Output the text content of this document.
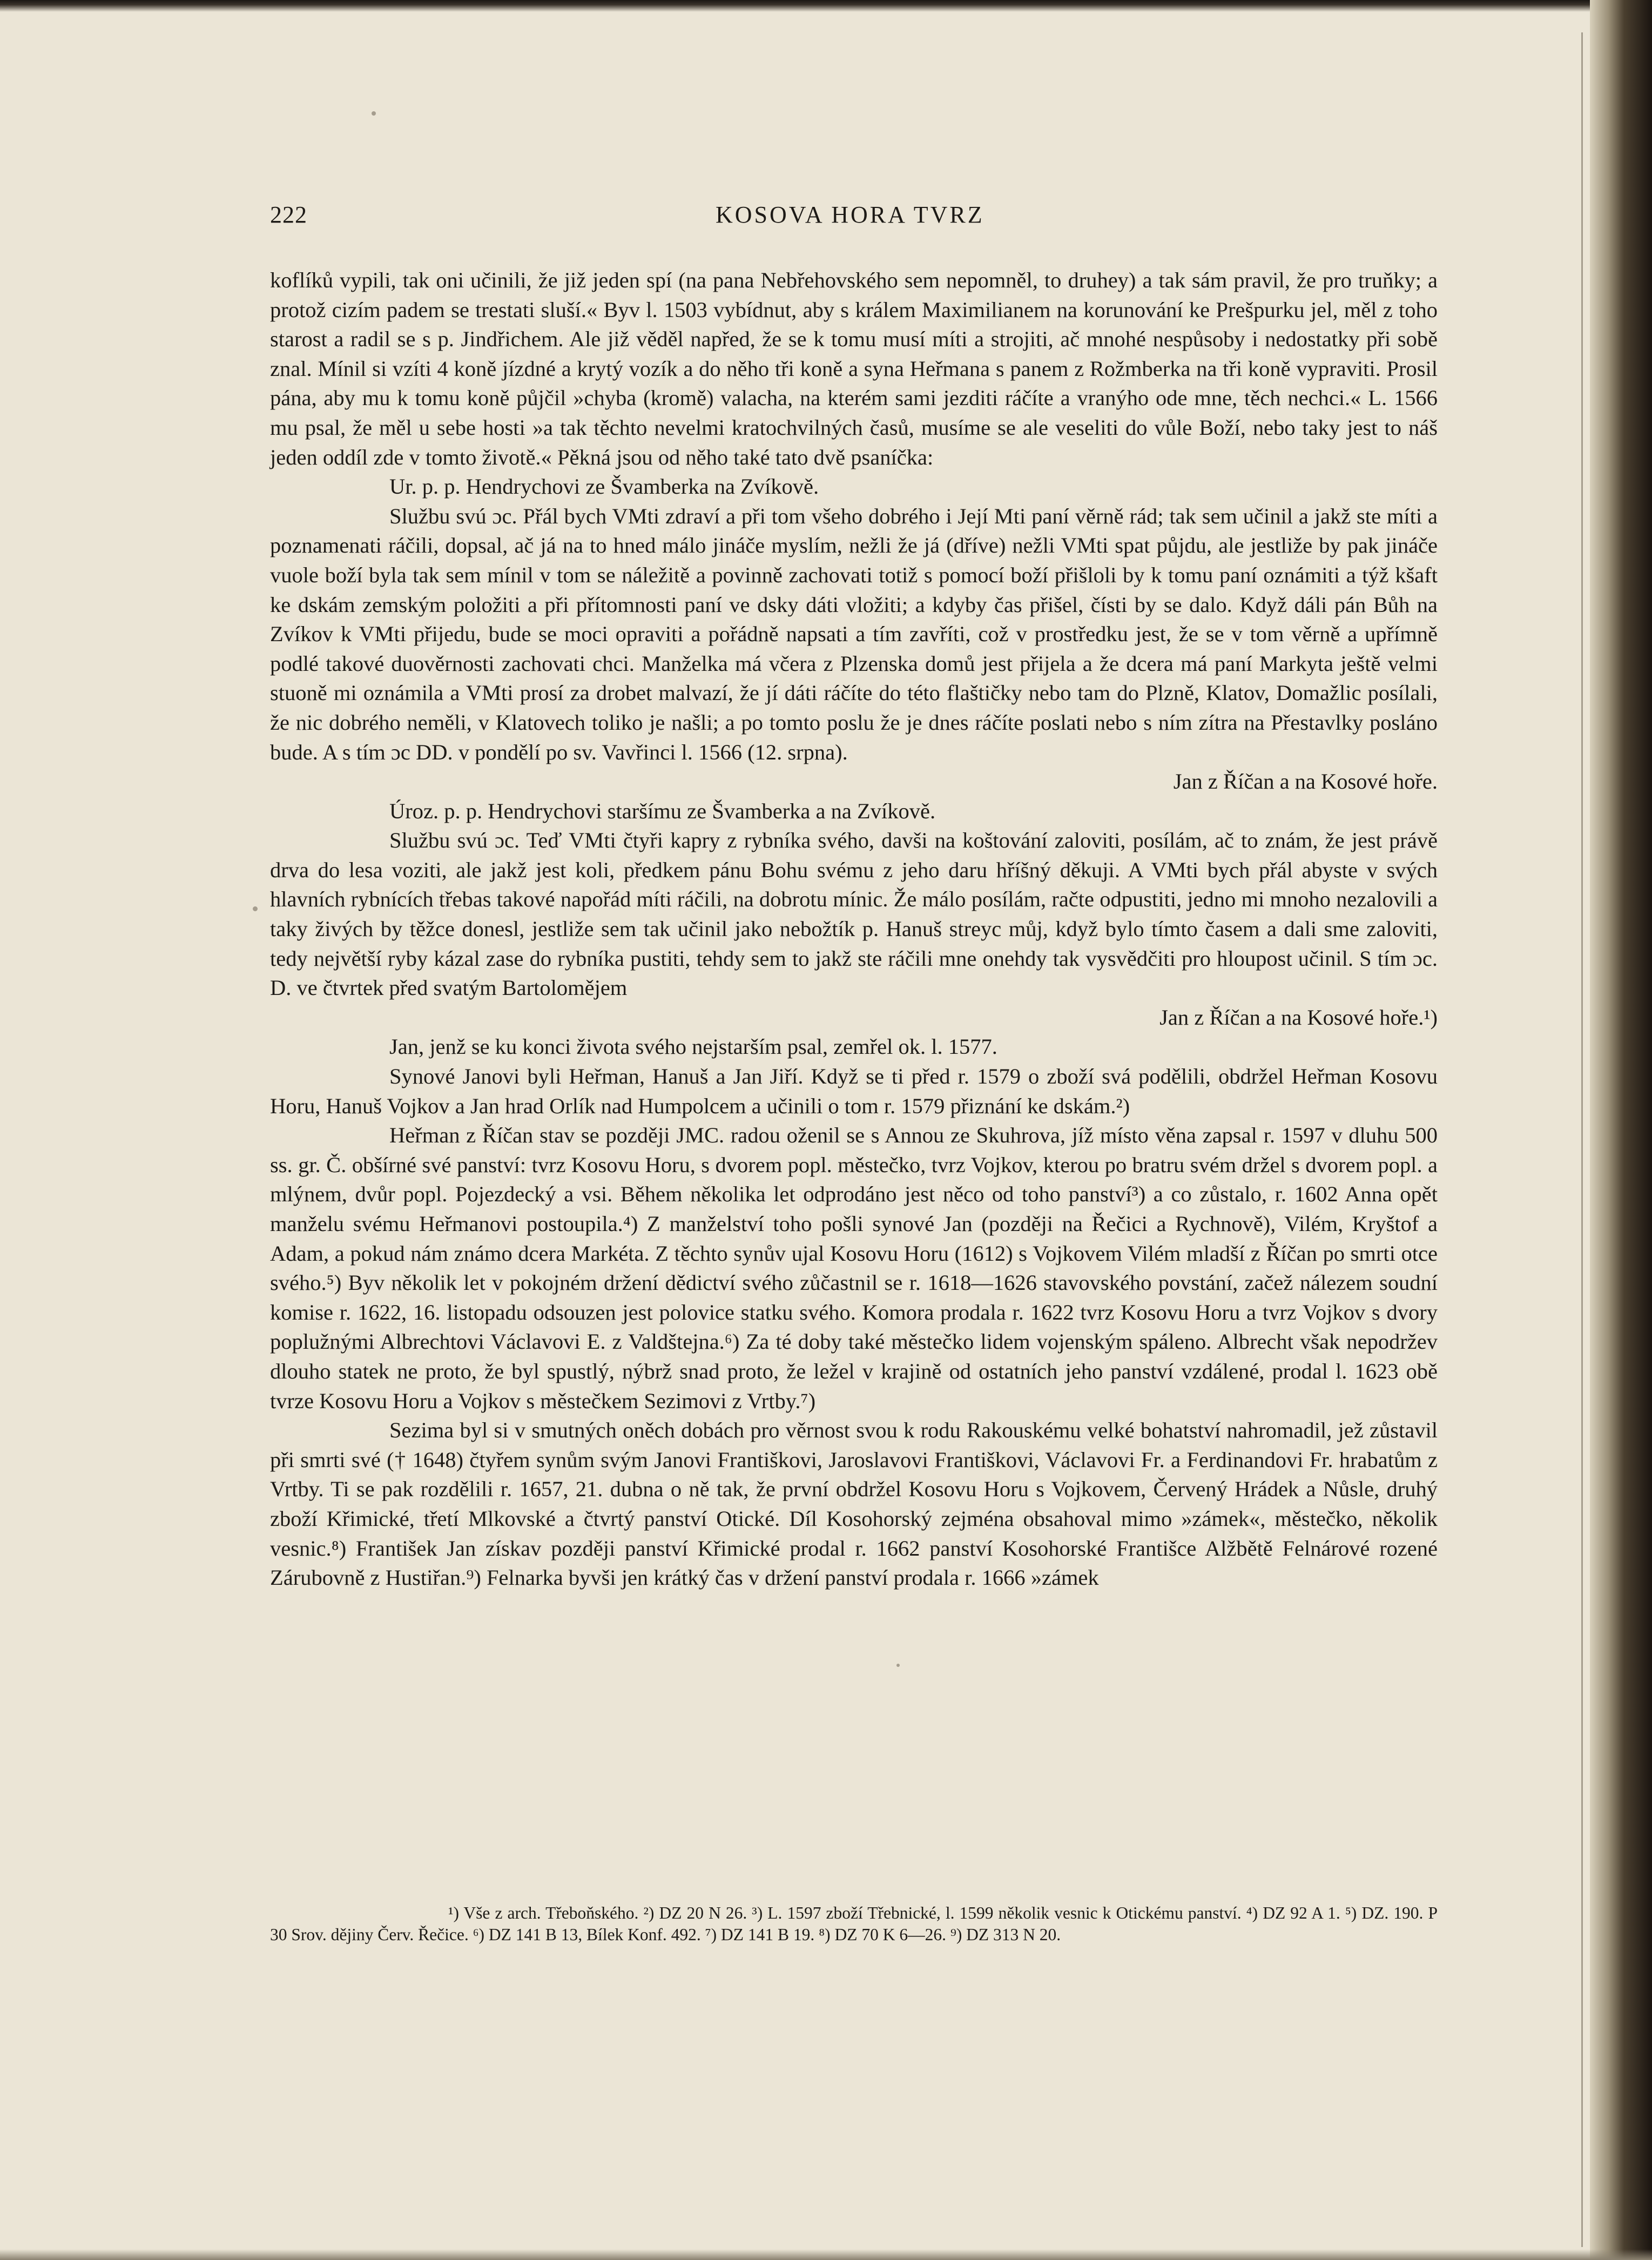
222	KOSOVA HORA TVRZ

koflíků vypili, tak oni učinili, že již jeden spí (na pana Nebřehovského sem nepomněl, to druhey) a tak sám pravil, že pro truňky; a protož cizím padem se trestati sluší.« Byv l. 1503 vybídnut, aby s králem Maximilianem na korunování ke Prešpurku jel, měl z toho starost a radil se s p. Jindřichem. Ale již věděl napřed, že se k tomu musí míti a strojiti, ač mnohé nespůsoby i nedostatky při sobě znal. Mínil si vzíti 4 koně jízdné a krytý vozík a do něho tři koně a syna Heřmana s panem z Rožmberka na tři koně vypraviti. Prosil pána, aby mu k tomu koně půjčil »chyba (kromě) valacha, na kterém sami jezditi ráčíte a vranýho ode mne, těch nechci.« L. 1566 mu psal, že měl u sebe hosti »a tak těchto nevelmi kratochvilných časů, musíme se ale veseliti do vůle Boží, nebo taky jest to náš jeden oddíl zde v tomto životě.« Pěkná jsou od něho také tato dvě psaníčka:

Ur. p. p. Hendrychovi ze Švamberka na Zvíkově.

Službu svú ɔc. Přál bych VMti zdraví a při tom všeho dobrého i Její Mti paní věrně rád; tak sem učinil a jakž ste míti a poznamenati ráčili, dopsal, ač já na to hned málo jináče myslím, nežli že já (dříve) nežli VMti spat půjdu, ale jestliže by pak jináče vuole boží byla tak sem mínil v tom se náležitě a povinně zachovati totiž s pomocí boží přišloli by k tomu paní oznámiti a týž kšaft ke dskám zemským položiti a při přítomnosti paní ve dsky dáti vložiti; a kdyby čas přišel, čísti by se dalo. Když dáli pán Bůh na Zvíkov k VMti přijedu, bude se moci opraviti a pořádně napsati a tím zavříti, což v prostředku jest, že se v tom věrně a upřímně podlé takové duověrnosti zachovati chci. Manželka má včera z Plzenska domů jest přijela a že dcera má paní Markyta ještě velmi stuoně mi oznámila a VMti prosí za drobet malvazí, že jí dáti ráčíte do této flaštičky nebo tam do Plzně, Klatov, Domažlic posílali, že nic dobrého neměli, v Klatovech toliko je našli; a po tomto poslu že je dnes ráčíte poslati nebo s ním zítra na Přestavlky posláno bude. A s tím ɔc DD. v pondělí po sv. Vavřinci l. 1566 (12. srpna).

Jan z Říčan a na Kosové hoře.

Úroz. p. p. Hendrychovi staršímu ze Švamberka a na Zvíkově.

Službu svú ɔc. Teď VMti čtyři kapry z rybníka svého, davši na koštování zaloviti, posílám, ač to znám, že jest právě drva do lesa voziti, ale jakž jest koli, předkem pánu Bohu svému z jeho daru hříšný děkuji. A VMti bych přál abyste v svých hlavních rybnících třebas takové napořád míti ráčili, na dobrotu mínic. Že málo posílám, račte odpustiti, jedno mi mnoho nezalovili a taky živých by těžce donesl, jestliže sem tak učinil jako nebožtík p. Hanuš streyc můj, když bylo tímto časem a dali sme zaloviti, tedy největší ryby kázal zase do rybníka pustiti, tehdy sem to jakž ste ráčili mne onehdy tak vysvědčiti pro hloupost učinil. S tím ɔc. D. ve čtvrtek před svatým Bartolomějem

Jan z Říčan a na Kosové hoře.¹)

Jan, jenž se ku konci života svého nejstarším psal, zemřel ok. l. 1577.

Synové Janovi byli Heřman, Hanuš a Jan Jiří. Když se ti před r. 1579 o zboží svá podělili, obdržel Heřman Kosovu Horu, Hanuš Vojkov a Jan hrad Orlík nad Humpolcem a učinili o tom r. 1579 přiznání ke dskám.²)

Heřman z Říčan stav se později JMC. radou oženil se s Annou ze Skuhrova, jíž místo věna zapsal r. 1597 v dluhu 500 ss. gr. Č. obšírné své panství: tvrz Kosovu Horu, s dvorem popl. městečko, tvrz Vojkov, kterou po bratru svém držel s dvorem popl. a mlýnem, dvůr popl. Pojezdecký a vsi. Během několika let odprodáno jest něco od toho panství³) a co zůstalo, r. 1602 Anna opět manželu svému Heřmanovi postoupila.⁴) Z manželství toho pošli synové Jan (později na Řečici a Rychnově), Vilém, Kryštof a Adam, a pokud nám známo dcera Markéta. Z těchto synův ujal Kosovu Horu (1612) s Vojkovem Vilém mladší z Říčan po smrti otce svého.⁵) Byv několik let v pokojném držení dědictví svého zůčastnil se r. 1618—1626 stavovského povstání, začež nálezem soudní komise r. 1622, 16. listopadu odsouzen jest polovice statku svého. Komora prodala r. 1622 tvrz Kosovu Horu a tvrz Vojkov s dvory poplužnými Albrechtovi Václavovi E. z Valdštejna.⁶) Za té doby také městečko lidem vojenským spáleno. Albrecht však nepodržev dlouho statek ne proto, že byl spustlý, nýbrž snad proto, že ležel v krajině od ostatních jeho panství vzdálené, prodal l. 1623 obě tvrze Kosovu Horu a Vojkov s městečkem Sezimovi z Vrtby.⁷)

Sezima byl si v smutných oněch dobách pro věrnost svou k rodu Rakouskému velké bohatství nahromadil, jež zůstavil při smrti své († 1648) čtyřem synům svým Janovi Františkovi, Jaroslavovi Františkovi, Václavovi Fr. a Ferdinandovi Fr. hrabatům z Vrtby. Ti se pak rozdělili r. 1657, 21. dubna o ně tak, že první obdržel Kosovu Horu s Vojkovem, Červený Hrádek a Nůsle, druhý zboží Křimické, třetí Mlkovské a čtvrtý panství Otické. Díl Kosohorský zejména obsahoval mimo »zámek«, městečko, několik vesnic.⁸) František Jan získav později panství Křimické prodal r. 1662 panství Kosohorské Františce Alžbětě Felnárové rozené Zárubovně z Hustiřan.⁹) Felnarka byvši jen krátký čas v držení panství prodala r. 1666 »zámek

¹) Vše z arch. Třeboňského. ²) DZ 20 N 26. ³) L. 1597 zboží Třebnické, l. 1599 několik vesnic k Otickému panství. ⁴) DZ 92 A 1. ⁵) DZ. 190. P 30 Srov. dějiny Červ. Řečice. ⁶) DZ 141 B 13, Bílek Konf. 492. ⁷) DZ 141 B 19. ⁸) DZ 70 K 6—26. ⁹) DZ 313 N 20.
